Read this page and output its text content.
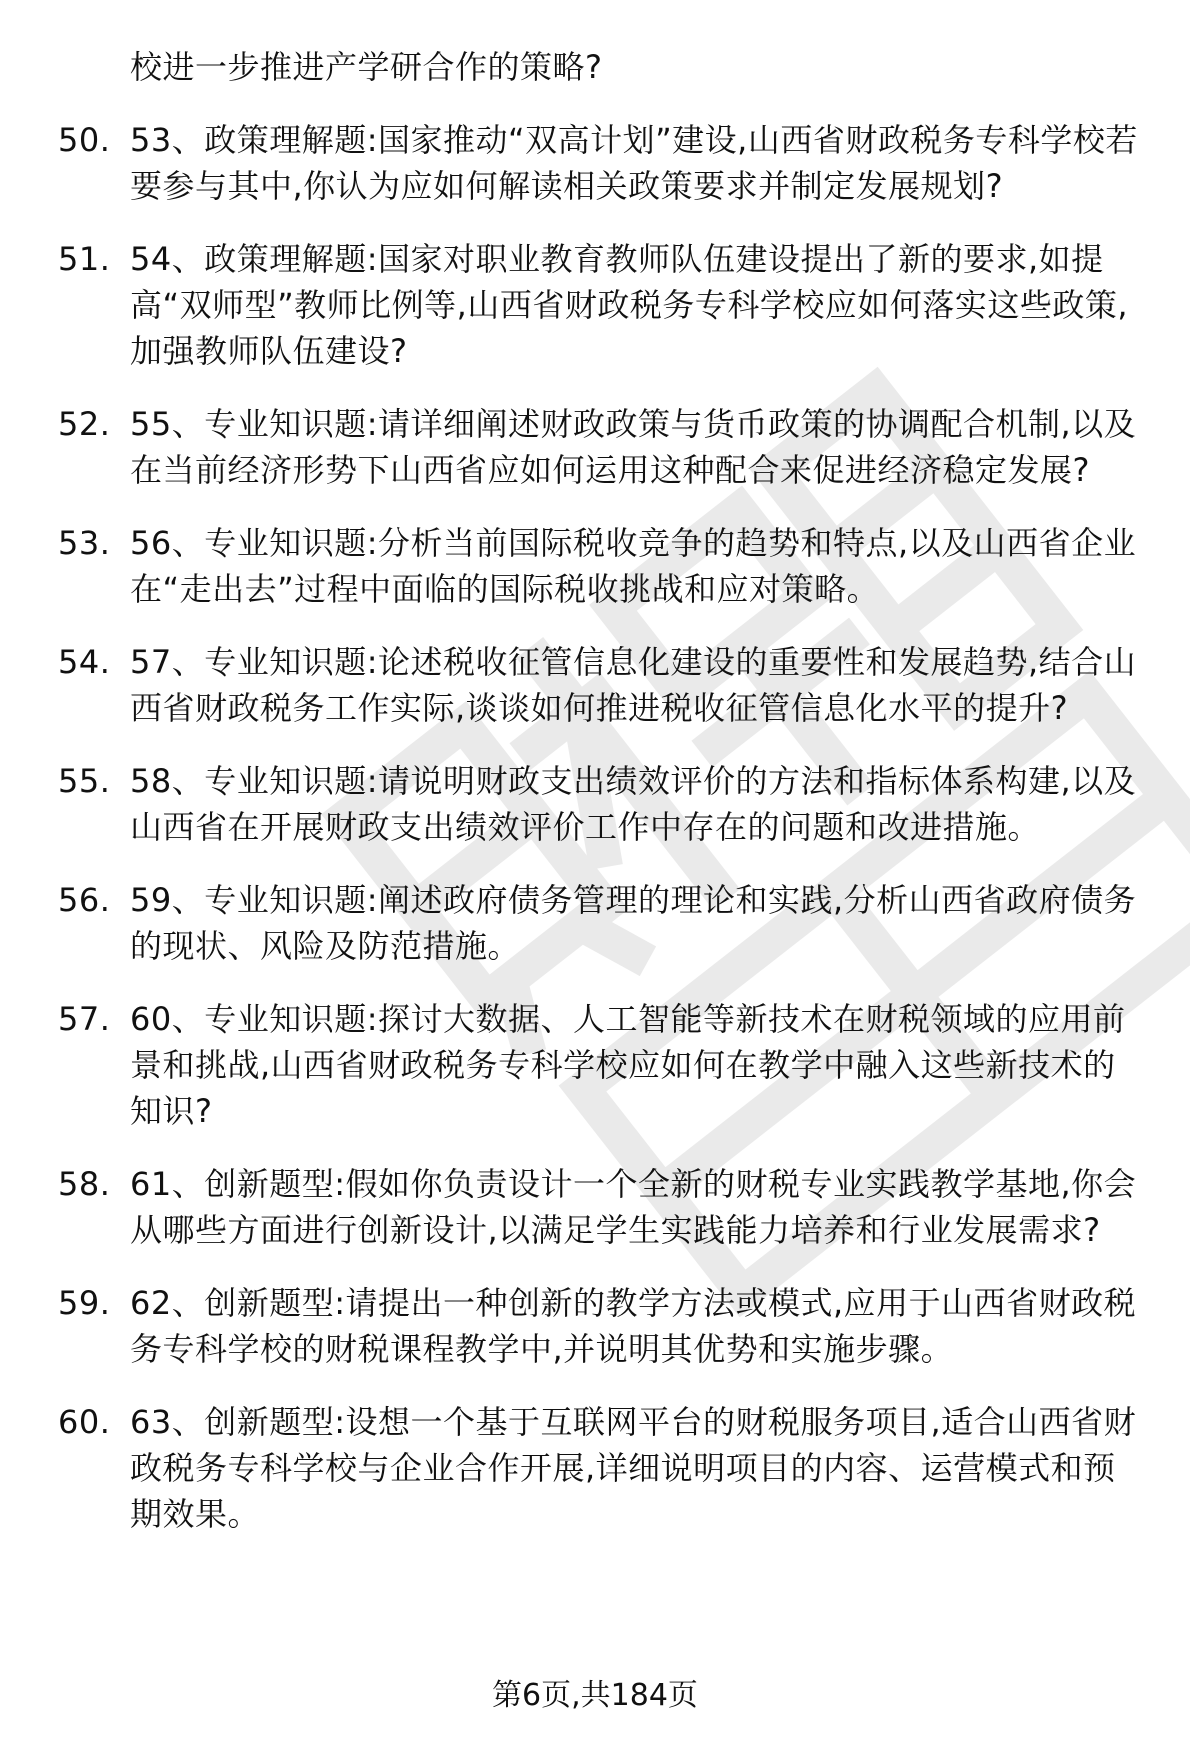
校进一步推进产学研合作的策略?
50. 53、政策理解题:国家推动“双高计划”建设,山西省财政税务专科学校若要参与其中,你认为应如何解读相关政策要求并制定发展规划?
51. 54、政策理解题:国家对职业教育教师队伍建设提出了新的要求,如提高“双师型”教师比例等,山西省财政税务专科学校应如何落实这些政策,加强教师队伍建设?
52. 55、专业知识题:请详细阐述财政政策与货币政策的协调配合机制,以及在当前经济形势下山西省应如何运用这种配合来促进经济稳定发展?
53. 56、专业知识题:分析当前国际税收竞争的趋势和特点,以及山西省企业在“走出去”过程中面临的国际税收挑战和应对策略。
54. 57、专业知识题:论述税收征管信息化建设的重要性和发展趋势,结合山西省财政税务工作实际,谈谈如何推进税收征管信息化水平的提升?
55. 58、专业知识题:请说明财政支出绩效评价的方法和指标体系构建,以及山西省在开展财政支出绩效评价工作中存在的问题和改进措施。
56. 59、专业知识题:阐述政府债务管理的理论和实践,分析山西省政府债务的现状、风险及防范措施。
57. 60、专业知识题:探讨大数据、人工智能等新技术在财税领域的应用前景和挑战,山西省财政税务专科学校应如何在教学中融入这些新技术的知识?
58. 61、创新题型:假如你负责设计一个全新的财税专业实践教学基地,你会从哪些方面进行创新设计,以满足学生实践能力培养和行业发展需求?
59. 62、创新题型:请提出一种创新的教学方法或模式,应用于山西省财政税务专科学校的财税课程教学中,并说明其优势和实施步骤。
60. 63、创新题型:设想一个基于互联网平台的财税服务项目,适合山西省财政税务专科学校与企业合作开展,详细说明项目的内容、运营模式和预期效果。
第6页,共184页
